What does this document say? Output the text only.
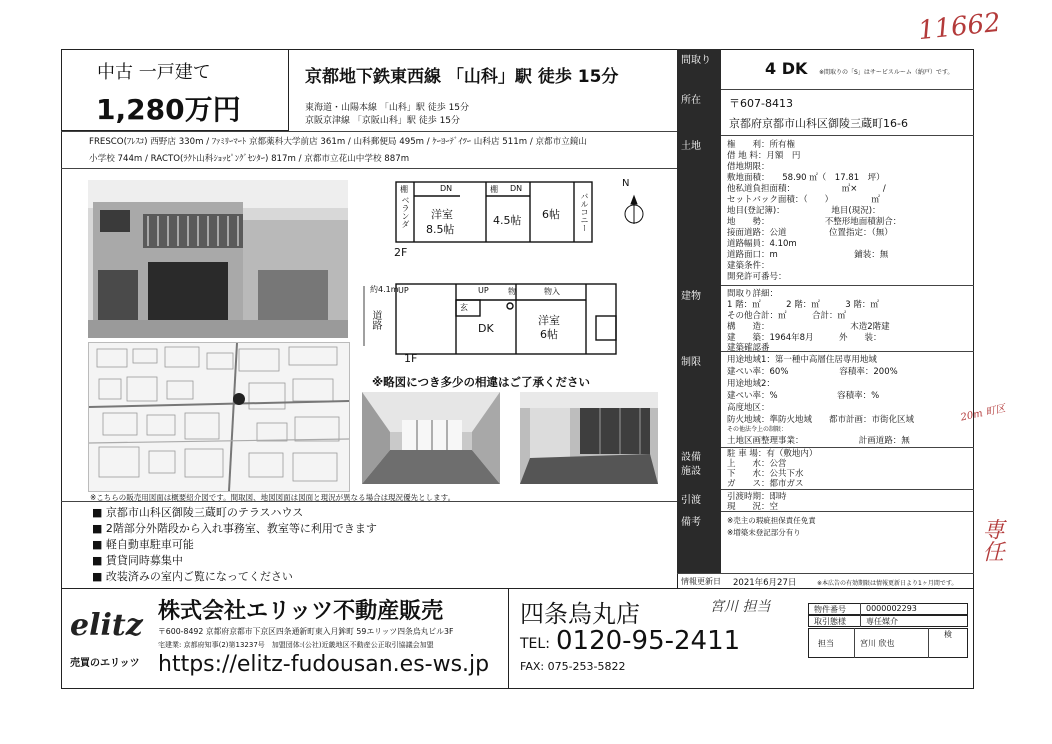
11662
専任
20m 町区
中古 一戸建て
1,280万円
京都地下鉄東西線 「山科」駅 徒歩 15分
東海道・山陽本線 「山科」駅 徒歩 15分
京阪京津線 「京阪山科」駅 徒歩 15分
FRESCO(ﾌﾚｽｺ) 西野店 330m / ﾌｧﾐﾘｰﾏｰﾄ 京都薬科大学前店 361m / 山科郵便局 495m / ｹｰﾖｰﾃﾞｲﾂｰ 山科店 511m / 京都市立鏡山
小学校 744m / RACTO(ﾗｸﾄ山科ｼｮｯﾋﾟﾝｸﾞｾﾝﾀｰ) 817m / 京都市立花山中学校 887m
棚	DN	棚 DN
洋室
8.5帖
4.5帖 6帖
ベランダ	バルコニー
2F
N
約4.1m
道路
UP	UP
玄
物	物入
DK
洋室
6帖
1F
※略図につき多少の相違はご了承ください
※こちらの販売用図面は概要紹介図です。間取図、地図図面は図面と現況が異なる場合は現況優先とします。
■ 京都市山科区御陵三蔵町のテラスハウス
■ 2階部分外階段から入れ事務室、教室等に利用できます
■ 軽自動車駐車可能
■ 賃貸同時募集中
■ 改装済みの室内ご覧になってください
elitz
売買のエリッツ
株式会社エリッツ不動産販売
〒600-8492 京都府京都市下京区四条通新町東入月鉾町 59エリッツ四条烏丸ビル3F
宅建業: 京都府知事(2)第13237号　加盟団体:(公社)近畿地区不動産公正取引協議会加盟
https://elitz-fudousan.es-ws.jp
四条烏丸店	宮川 担当
TEL: 0120-95-2411
FAX: 075-253-5822
物件番号	0000002293
取引態様	専任媒介
担当	宮川 欣也
検
間取り	4 DK ※間取りの「S」はサービスルーム（納戸）です。
所在	〒607-8413
京都府京都市山科区御陵三蔵町16-6
土地	権　　利：所有権
借 地 料：月額　円
借地期限：
敷地面積：　　58.90 ㎡（　17.81　坪）
他私道負担面積：　　　　　　㎡×　　　/
セットバック面積：（　　）　　　　　㎡
地目(登記簿)：　　　　　　地目(現況)：
地　　勢：　　　　　　　不整形地面積割合：
接面道路：公道　　　　　位置指定：（無）
道路幅員：4.10m
道路面口：m　　　　　　　　　鋪装：無
建築条件：
開発許可番号：
建物	間取り詳細：
1 階：㎡　　　2 階：㎡　　　3 階：㎡
その他合計：㎡　　　合計：㎡
構　　造：　　　　　　　　　　木造2階建
建　　築：1964年8月　　　外　　装：
建築確認番
制限	用途地域1：第一種中高層住居専用地域
建ぺい率：60%　　　　　　容積率：200%
用途地域2：
建ぺい率：%　　　　　　　容積率：%
高度地区：
防火地域：準防火地域　　都市計画：市街化区域
その他法令上の制限：
土地区画整理事業：　　　　　　　計画道路：無
設備
施設
駐 車 場：有（敷地内）
上　　水：公営
下　　水：公共下水
ガ　　ス：都市ガス
引渡	引渡時期：即時
現　　況：空
備考	※売主の瑕疵担保責任免責
※増築未登記部分有り
情報更新日 2021年6月27日	※本広告の有効期限は情報更新日より1ヶ月間です。
